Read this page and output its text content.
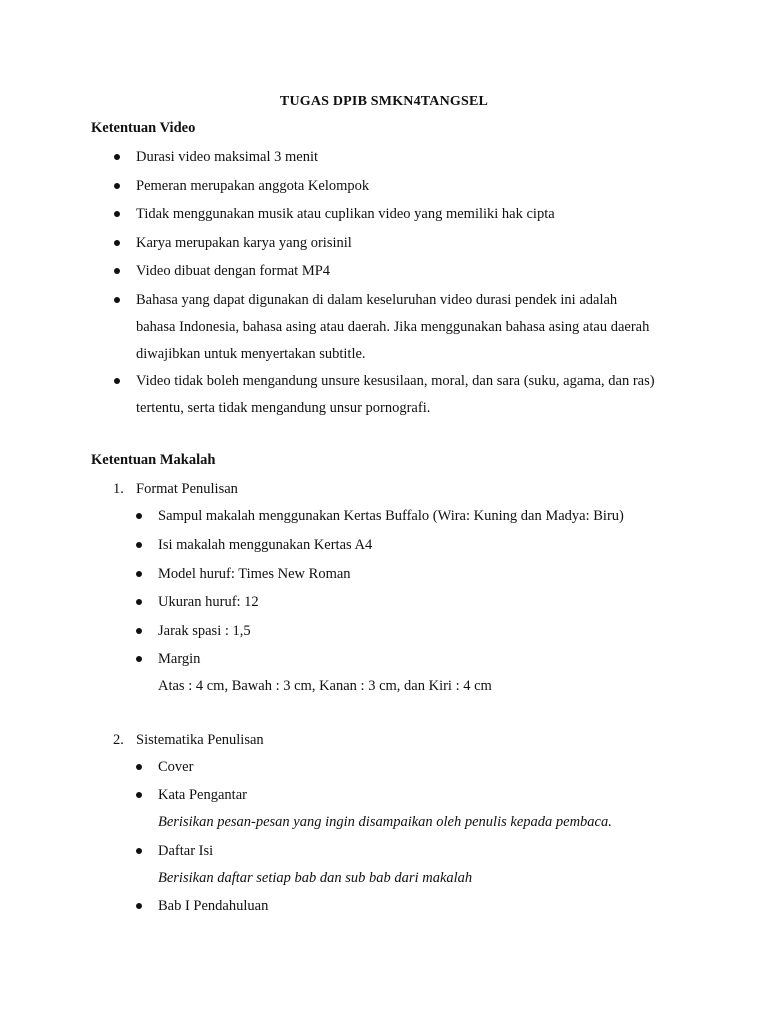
TUGAS DPIB SMKN4TANGSEL
Ketentuan Video
Durasi video maksimal 3 menit
Pemeran merupakan anggota Kelompok
Tidak menggunakan musik atau cuplikan video yang memiliki hak cipta
Karya merupakan karya yang orisinil
Video dibuat dengan format MP4
Bahasa yang dapat digunakan di dalam keseluruhan video durasi pendek ini adalah
bahasa Indonesia, bahasa asing atau daerah. Jika menggunakan bahasa asing atau daerah
diwajibkan untuk menyertakan subtitle.
Video tidak boleh mengandung unsure kesusilaan, moral, dan sara (suku, agama, dan ras)
tertentu, serta tidak mengandung unsur pornografi.
Ketentuan Makalah
1. Format Penulisan
Sampul makalah menggunakan Kertas Buffalo (Wira: Kuning dan Madya: Biru)
Isi makalah menggunakan Kertas A4
Model huruf: Times New Roman
Ukuran huruf: 12
Jarak spasi : 1,5
Margin
Atas : 4 cm, Bawah : 3 cm, Kanan : 3 cm, dan Kiri : 4 cm
2. Sistematika Penulisan
Cover
Kata Pengantar
Berisikan pesan-pesan yang ingin disampaikan oleh penulis kepada pembaca.
Daftar Isi
Berisikan daftar setiap bab dan sub bab dari makalah
Bab I Pendahuluan
